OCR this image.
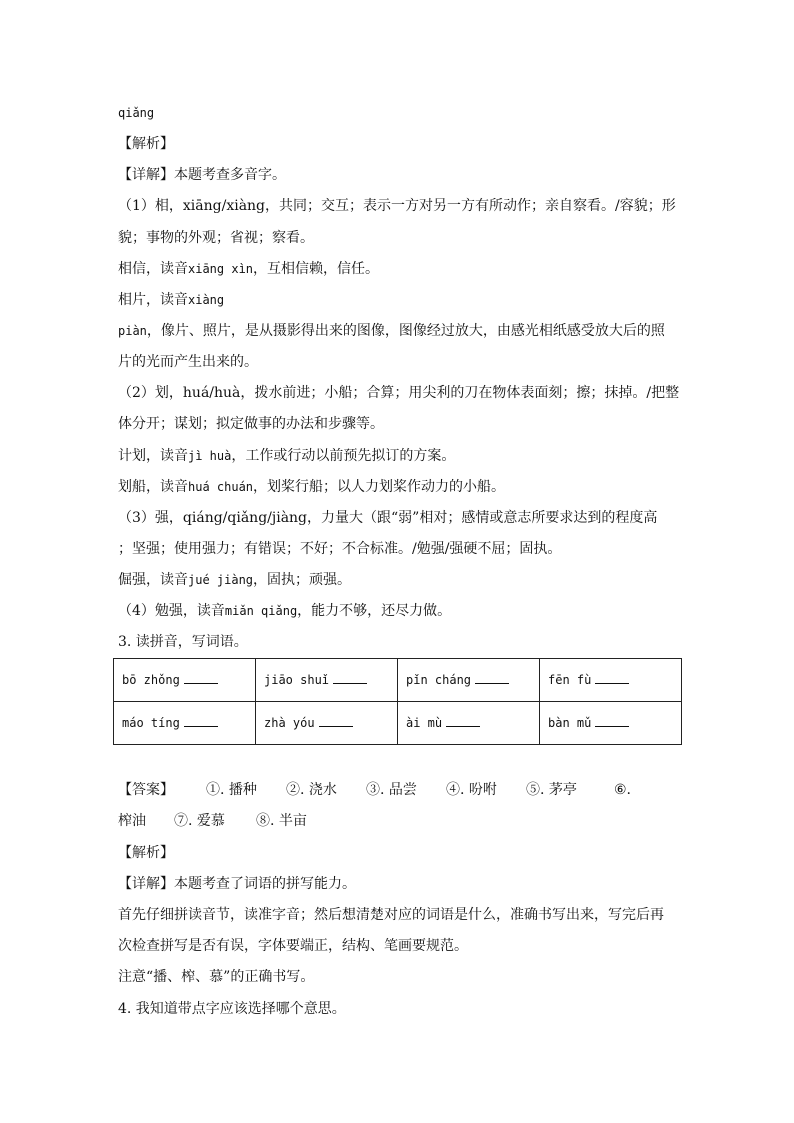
qiǎng
【解析】
【详解】本题考查多音字。
（1）相，xiāng/xiàng，共同；交互；表示一方对另一方有所动作；亲自察看。/容貌；形
貌；事物的外观；省视；察看。
相信，读音xiāng xìn，互相信赖，信任。
相片，读音xiàng
piàn，像片、照片，是从摄影得出来的图像，图像经过放大，由感光相纸感受放大后的照
片的光而产生出来的。
（2）划，huá/huà，拨水前进；小船；合算；用尖利的刀在物体表面刻；擦；抹掉。/把整
体分开；谋划；拟定做事的办法和步骤等。
计划，读音jì huà，工作或行动以前预先拟订的方案。
划船，读音huá chuán，划桨行船；以人力划桨作动力的小船。
（3）强，qiáng/qiǎng/jiàng，力量大（跟“弱”相对；感情或意志所要求达到的程度高
；坚强；使用强力；有错误；不好；不合标准。/勉强/强硬不屈；固执。
倔强，读音jué jiàng，固执；顽强。
（4）勉强，读音miǎn qiǎng，能力不够，还尽力做。
3. 读拼音，写词语。
bō zhǒng	jiāo shuǐ	pǐn cháng	fēn fù
máo tíng	zhà yóu	ài mù	bàn mǔ
【答案】 ①. 播种 ②. 浇水 ③. 品尝 ④. 吩咐 ⑤. 茅亭	⑥.
榨油 ⑦. 爱慕 ⑧. 半亩
【解析】
【详解】本题考查了词语的拼写能力。
首先仔细拼读音节，读准字音；然后想清楚对应的词语是什么，准确书写出来，写完后再
次检查拼写是否有误，字体要端正，结构、笔画要规范。
注意“播、榨、慕”的正确书写。
4. 我知道带点字应该选择哪个意思。
